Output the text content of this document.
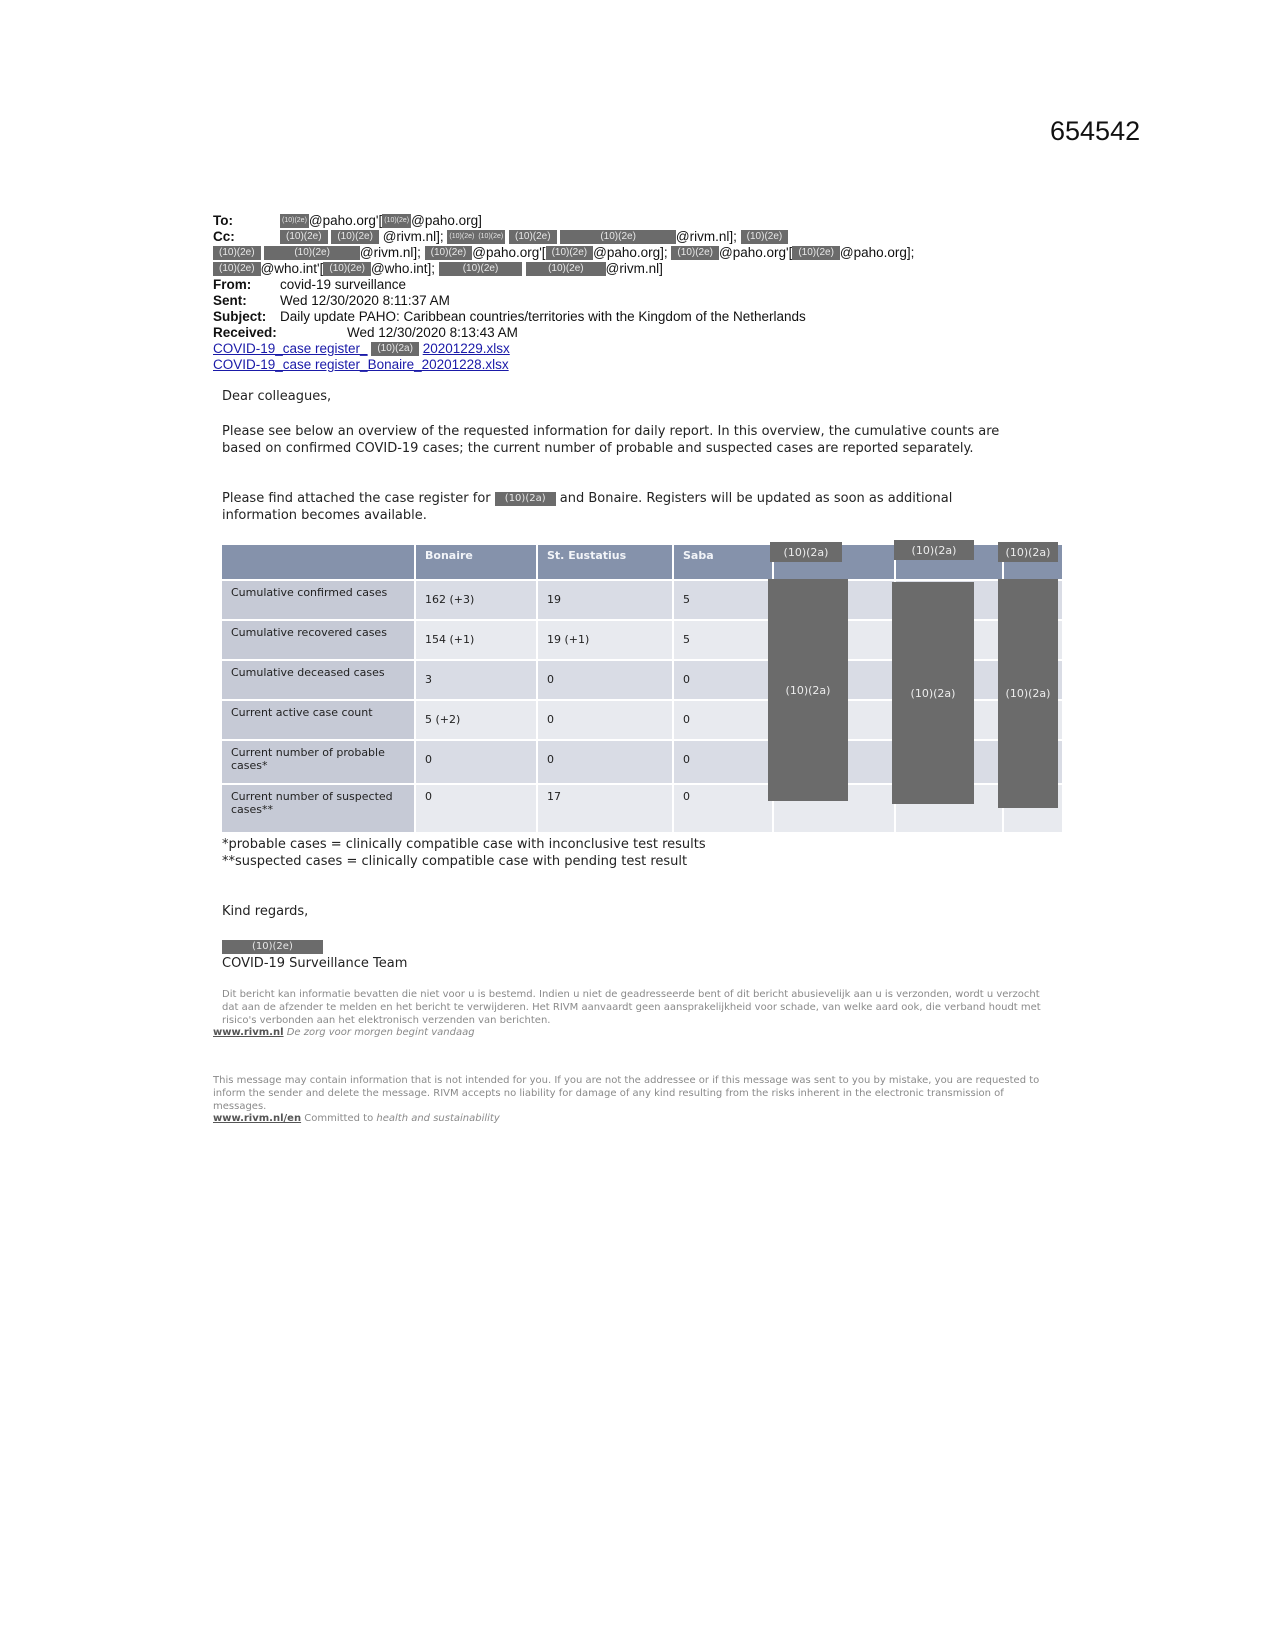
654542
To:	(10)(2e) @paho.org'[ (10)(2e) @paho.org]
Cc:	(10)(2e) (10)(2e) @rivm.nl]; (10)(2e) (10)(2e) (10)(2e)	(10)(2e)	@rivm.nl]; (10)(2e)
(10)(2e)	(10)(2e) @rivm.nl]; (10)(2e) @paho.org'[ (10)(2e) @paho.org]; (10)(2e) @paho.org'[ (10)(2e) @paho.org];
(10)(2e) @who.int'[ (10)(2e) @who.int];	(10)(2e)	(10)(2e) @rivm.nl]
From: covid-19 surveillance
Sent: Wed 12/30/2020 8:11:37 AM
Subject: Daily update PAHO: Caribbean countries/territories with the Kingdom of the Netherlands
Received:	Wed 12/30/2020 8:13:43 AM
COVID-19_case register_ (10)(2a) 20201229.xlsx
COVID-19_case register_Bonaire_20201228.xlsx
Dear colleagues,
Please see below an overview of the requested information for daily report. In this overview, the cumulative counts are based on confirmed COVID-19 cases; the current number of probable and suspected cases are reported separately.
Please find attached the case register for (10)(2a) and Bonaire. Registers will be updated as soon as additional information becomes available.
	Bonaire	St. Eustatius	Saba			
Cumulative confirmed cases	162 (+3)	19	5			
Cumulative recovered cases	154 (+1)	19 (+1)	5			
Cumulative deceased cases	3	0	0			
Current active case count	5 (+2)	0	0			
Current number of probable cases*	0	0	0			
Current number of suspected cases**	0	17	0			
(10)(2a)	(10)(2a)	(10)(2a)
(10)(2a)	(10)(2a)	(10)(2a)
*probable cases = clinically compatible case with inconclusive test results
**suspected cases = clinically compatible case with pending test result
Kind regards,
(10)(2e)
COVID-19 Surveillance Team
Dit bericht kan informatie bevatten die niet voor u is bestemd. Indien u niet de geadresseerde bent of dit bericht abusievelijk aan u is verzonden, wordt u verzocht dat aan de afzender te melden en het bericht te verwijderen. Het RIVM aanvaardt geen aansprakelijkheid voor schade, van welke aard ook, die verband houdt met risico's verbonden aan het elektronisch verzenden van berichten.
www.rivm.nl De zorg voor morgen begint vandaag
This message may contain information that is not intended for you. If you are not the addressee or if this message was sent to you by mistake, you are requested to inform the sender and delete the message. RIVM accepts no liability for damage of any kind resulting from the risks inherent in the electronic transmission of messages.
www.rivm.nl/en Committed to health and sustainability
